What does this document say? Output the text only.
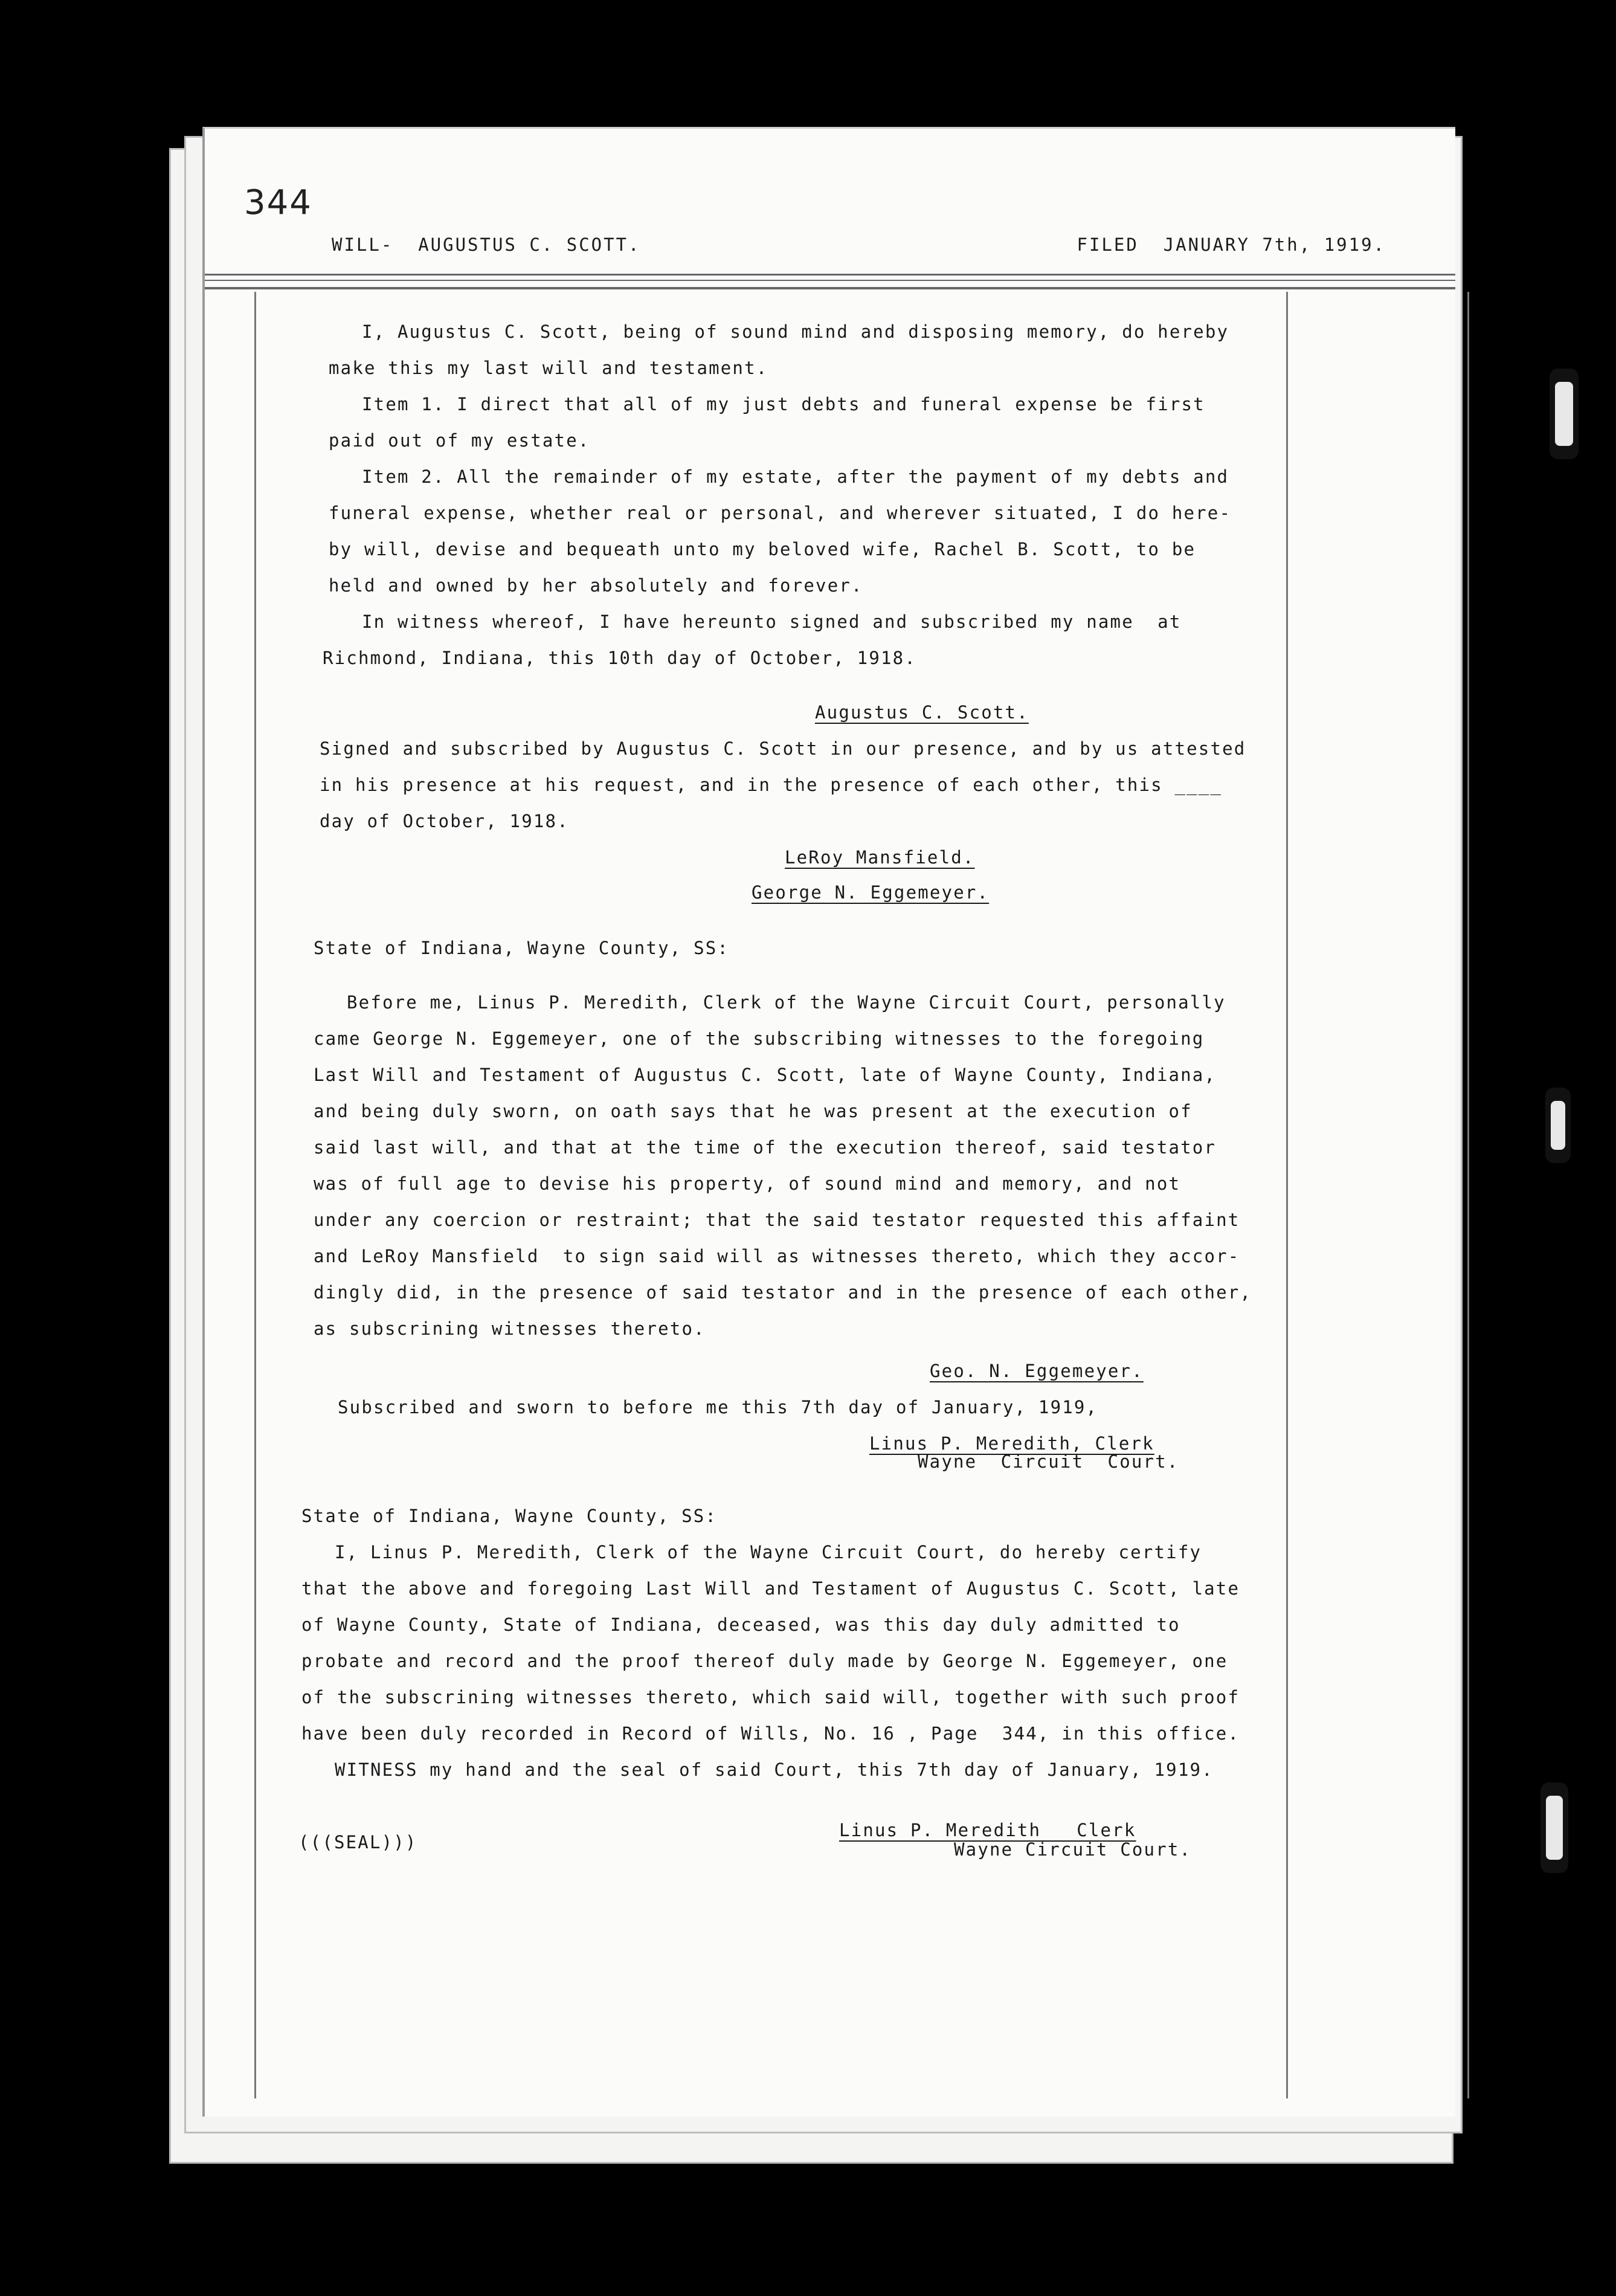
344
WILL-  AUGUSTUS C. SCOTT.	FILED  JANUARY 7th, 1919.
I, Augustus C. Scott, being of sound mind and disposing memory, do hereby
make this my last will and testament.
Item 1. I direct that all of my just debts and funeral expense be first
paid out of my estate.
Item 2. All the remainder of my estate, after the payment of my debts and
funeral expense, whether real or personal, and wherever situated, I do here-
by will, devise and bequeath unto my beloved wife, Rachel B. Scott, to be
held and owned by her absolutely and forever.
In witness whereof, I have hereunto signed and subscribed my name  at
Richmond, Indiana, this 10th day of October, 1918.
Augustus C. Scott.
Signed and subscribed by Augustus C. Scott in our presence, and by us attested
in his presence at his request, and in the presence of each other, this ____
day of October, 1918.
LeRoy Mansfield.
George N. Eggemeyer.
State of Indiana, Wayne County, SS:
Before me, Linus P. Meredith, Clerk of the Wayne Circuit Court, personally
came George N. Eggemeyer, one of the subscribing witnesses to the foregoing
Last Will and Testament of Augustus C. Scott, late of Wayne County, Indiana,
and being duly sworn, on oath says that he was present at the execution of
said last will, and that at the time of the execution thereof, said testator
was of full age to devise his property, of sound mind and memory, and not
under any coercion or restraint; that the said testator requested this affaint
and LeRoy Mansfield  to sign said will as witnesses thereto, which they accor-
dingly did, in the presence of said testator and in the presence of each other,
as subscrining witnesses thereto.
Geo. N. Eggemeyer.
Subscribed and sworn to before me this 7th day of January, 1919,
Linus P. Meredith, Clerk
Wayne  Circuit  Court.
State of Indiana, Wayne County, SS:
I, Linus P. Meredith, Clerk of the Wayne Circuit Court, do hereby certify
that the above and foregoing Last Will and Testament of Augustus C. Scott, late
of Wayne County, State of Indiana, deceased, was this day duly admitted to
probate and record and the proof thereof duly made by George N. Eggemeyer, one
of the subscrining witnesses thereto, which said will, together with such proof
have been duly recorded in Record of Wills, No. 16 , Page  344, in this office.
WITNESS my hand and the seal of said Court, this 7th day of January, 1919.
(((SEAL)))
Linus P. Meredith   Clerk
Wayne Circuit Court.
